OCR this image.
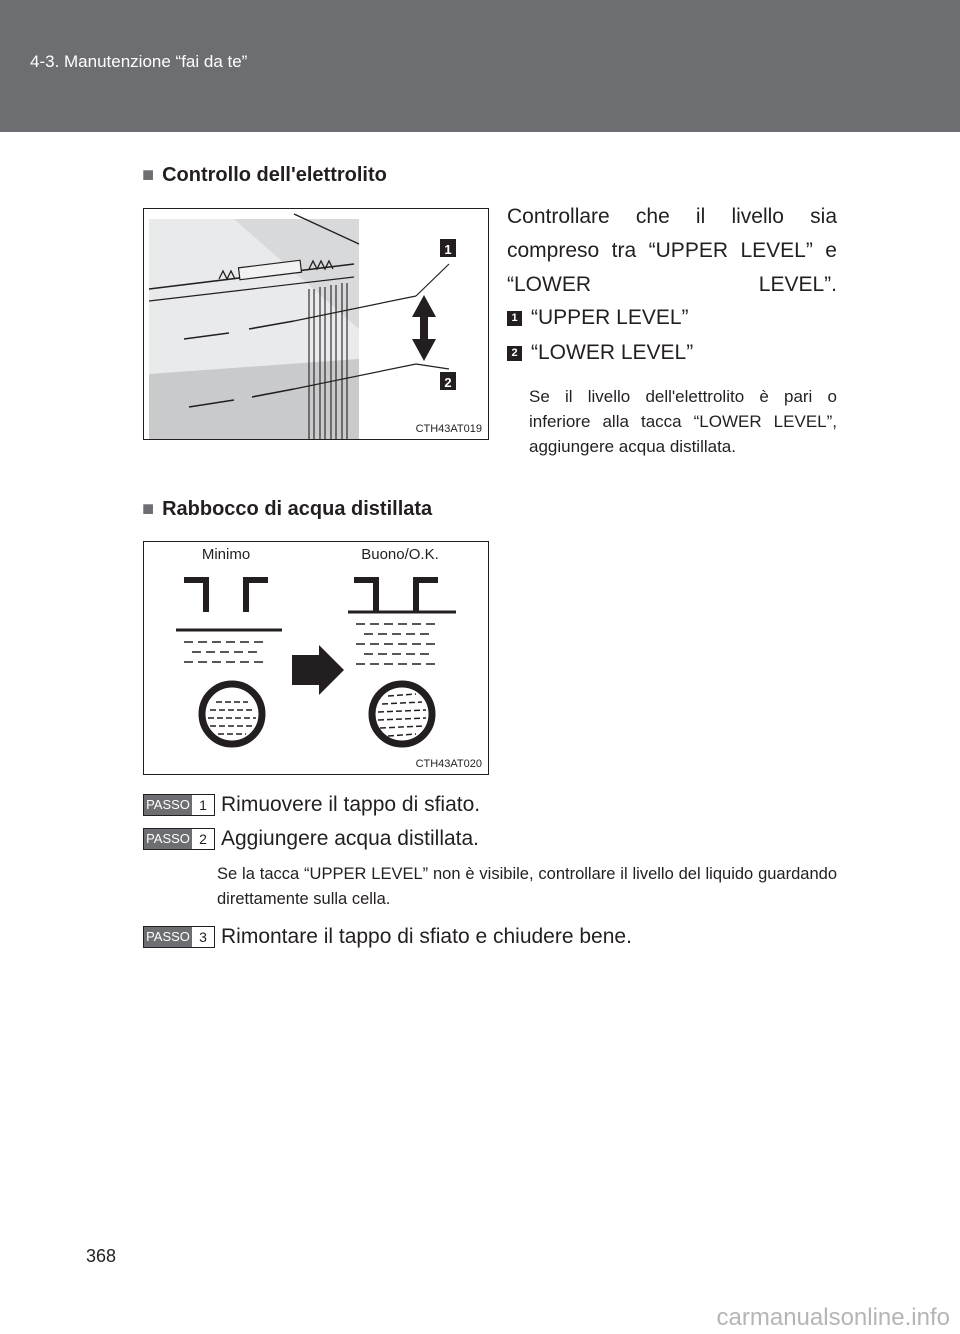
4-3. Manutenzione “fai da te”
■ Controllo dell'elettrolito
1
2
CTH43AT019
Controllare che il livello sia compreso tra “UPPER LEVEL” e “LOWER LEVEL”.
1 “UPPER LEVEL”
2 “LOWER LEVEL”
Se il livello dell'elettrolito è pari o inferiore alla tacca “LOWER LEVEL”, aggiungere acqua distillata.
■ Rabbocco di acqua distillata
Minimo	Buono/O.K.
CTH43AT020
PASSO 1 Rimuovere il tappo di sfiato.
PASSO 2 Aggiungere acqua distillata.
Se la tacca “UPPER LEVEL” non è visibile, controllare il livello del liquido guardando direttamente sulla cella.
PASSO 3 Rimontare il tappo di sfiato e chiudere bene.
368
carmanualsonline.info
